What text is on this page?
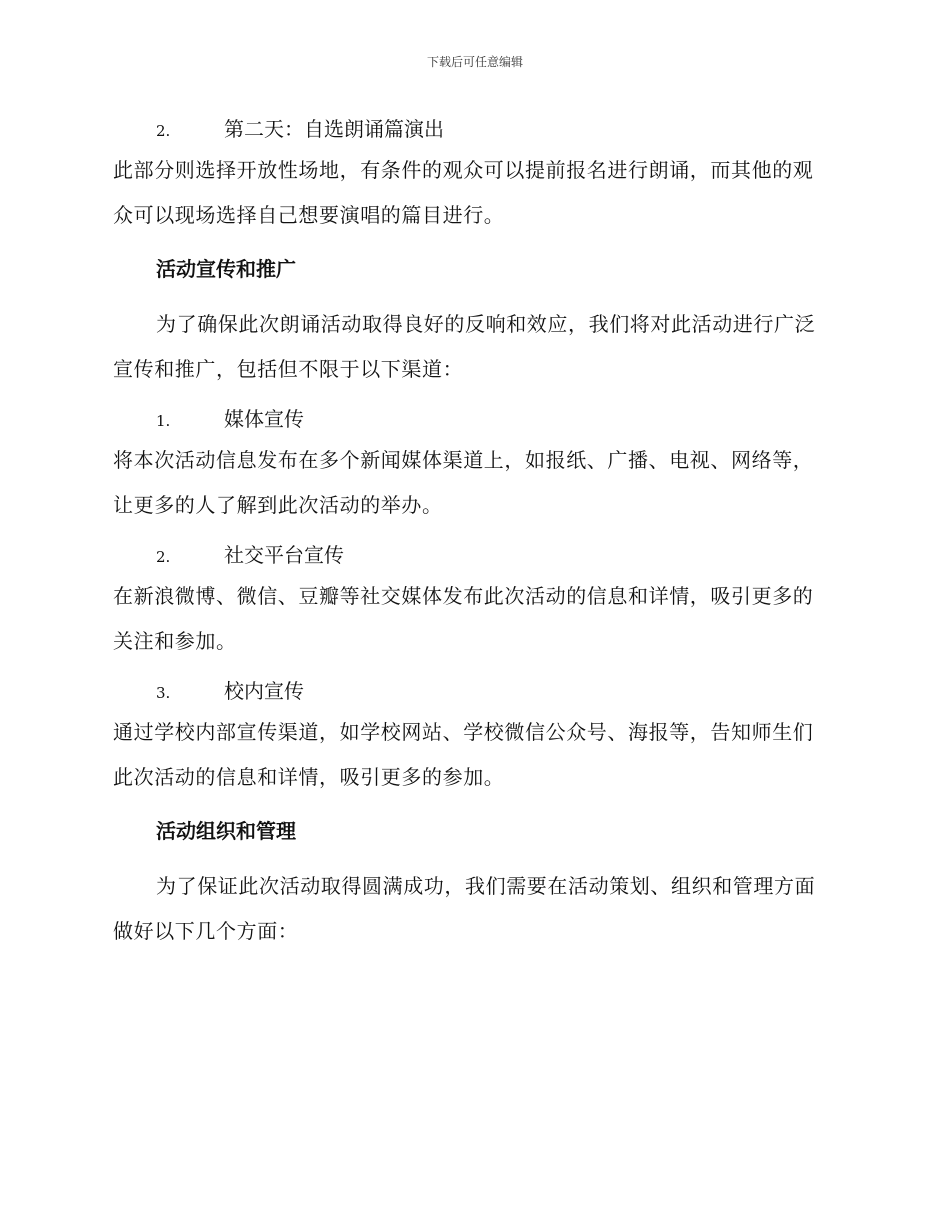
下载后可任意编辑
2.	第二天：自选朗诵篇演出

此部分则选择开放性场地，有条件的观众可以提前报名进行朗诵，而其他的观众可以现场选择自己想要演唱的篇目进行。

活动宣传和推广

为了确保此次朗诵活动取得良好的反响和效应，我们将对此活动进行广泛宣传和推广，包括但不限于以下渠道：

1.	媒体宣传

将本次活动信息发布在多个新闻媒体渠道上，如报纸、广播、电视、网络等，让更多的人了解到此次活动的举办。

2.	社交平台宣传

在新浪微博、微信、豆瓣等社交媒体发布此次活动的信息和详情，吸引更多的关注和参加。

3.	校内宣传

通过学校内部宣传渠道，如学校网站、学校微信公众号、海报等，告知师生们此次活动的信息和详情，吸引更多的参加。

活动组织和管理

为了保证此次活动取得圆满成功，我们需要在活动策划、组织和管理方面做好以下几个方面：
